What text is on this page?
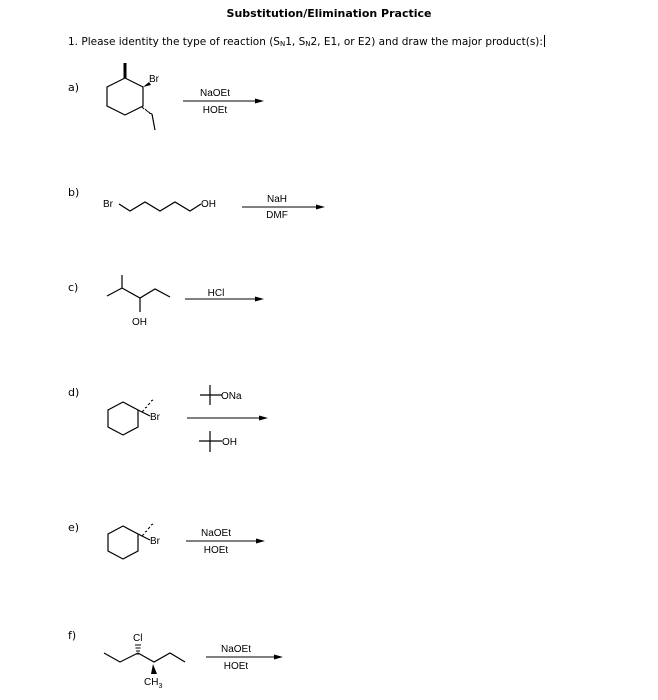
Substitution/Elimination Practice
1. Please identity the type of reaction ($S_N1$, $S_N2$, E1, or E2) and draw the major product(s):
a)
b)
c)
d)
e)
f)
Br
NaOEt
HOEt
Br	OH	NaH
DMF
OH
HCl
Br
ONa
OH
Br
NaOEt
HOEt
Cl
$CH_3$
NaOEt
HOEt
